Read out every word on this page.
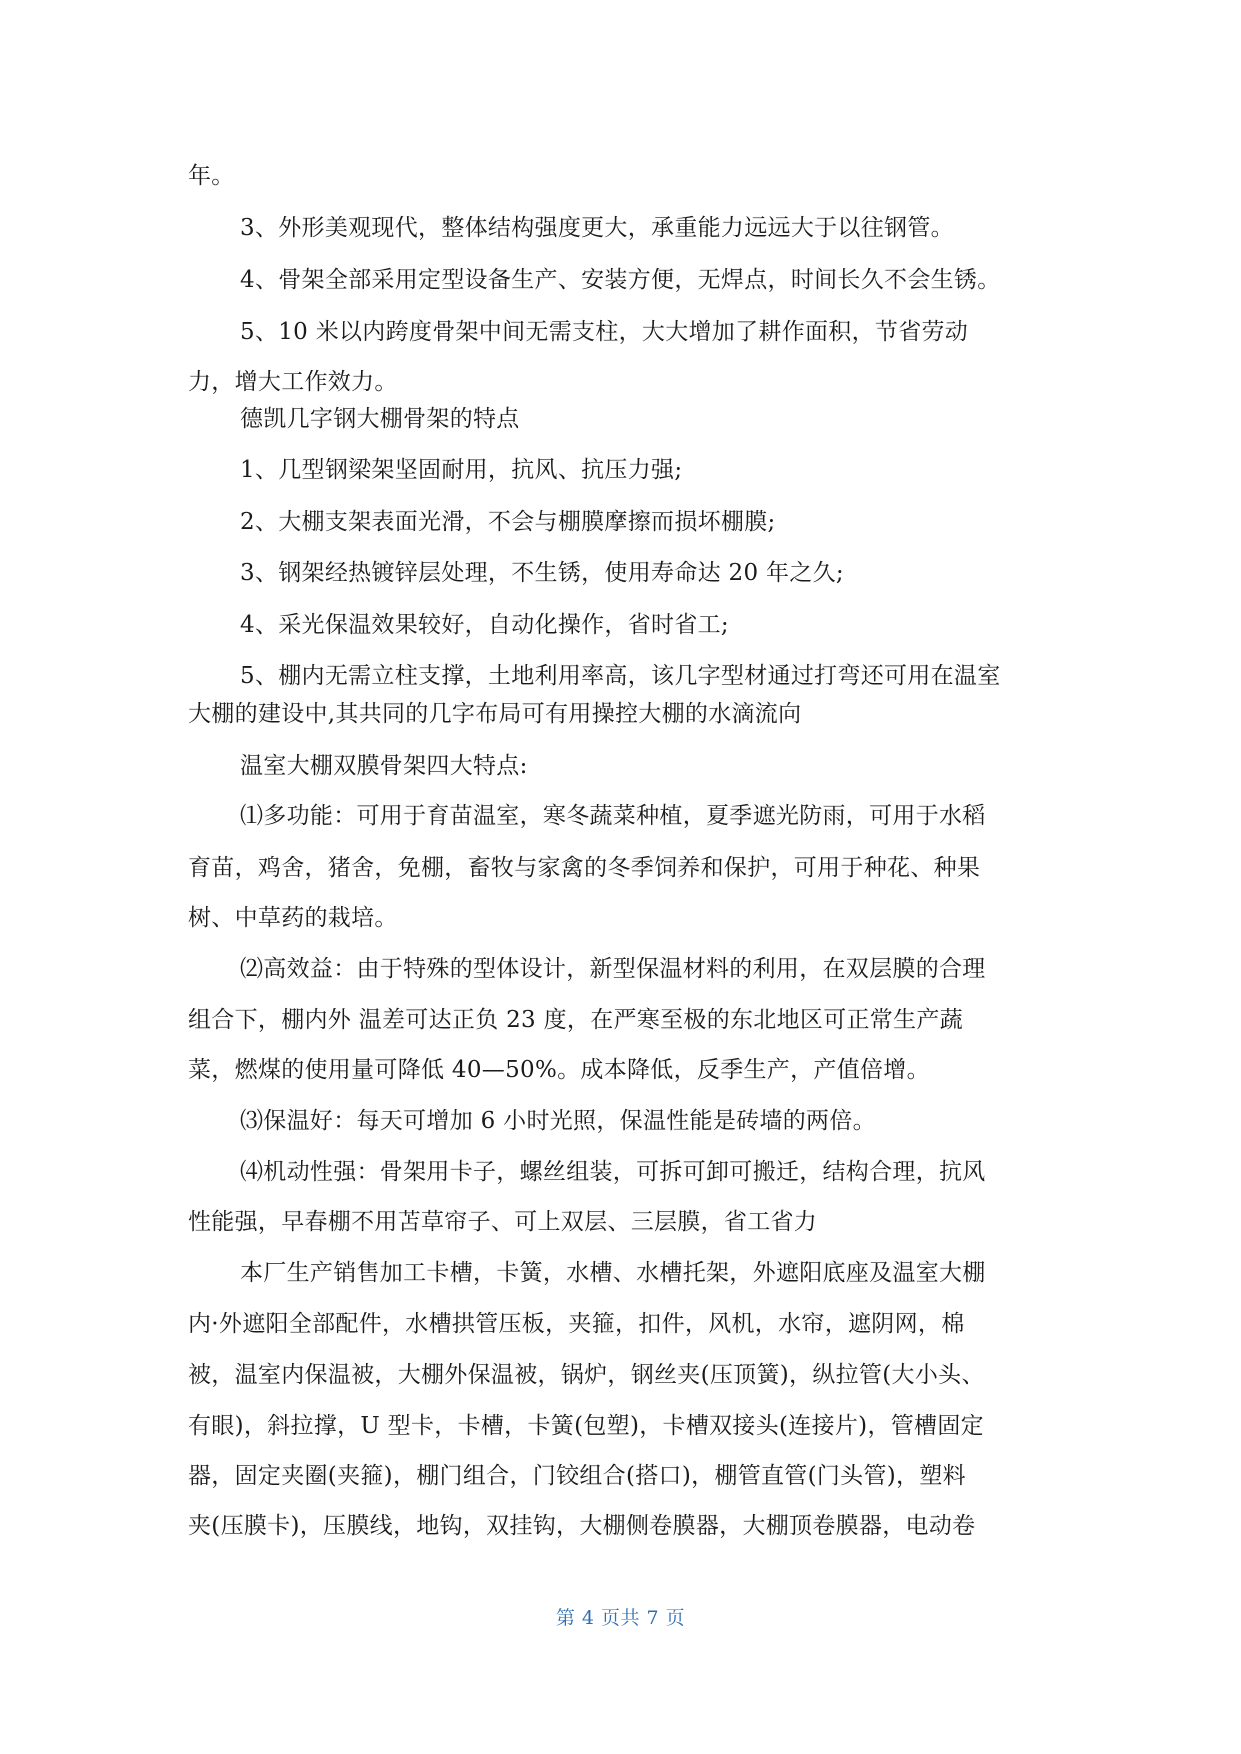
年。
3、外形美观现代，整体结构强度更大，承重能力远远大于以往钢管。
4、骨架全部采用定型设备生产、安装方便，无焊点，时间长久不会生锈。
5、10 米以内跨度骨架中间无需支柱，大大增加了耕作面积，节省劳动
力，增大工作效力。
德凯几字钢大棚骨架的特点
1、几型钢梁架坚固耐用，抗风、抗压力强;
2、大棚支架表面光滑，不会与棚膜摩擦而损坏棚膜;
3、钢架经热镀锌层处理，不生锈，使用寿命达 20 年之久;
4、采光保温效果较好，自动化操作，省时省工;
5、棚内无需立柱支撑，土地利用率高，该几字型材通过打弯还可用在温室
大棚的建设中,其共同的几字布局可有用操控大棚的水滴流向
温室大棚双膜骨架四大特点:
⑴多功能：可用于育苗温室，寒冬蔬菜种植，夏季遮光防雨，可用于水稻
育苗，鸡舍，猪舍，免棚，畜牧与家禽的冬季饲养和保护，可用于种花、种果
树、中草药的栽培。
⑵高效益：由于特殊的型体设计，新型保温材料的利用，在双层膜的合理
组合下，棚内外 温差可达正负 23 度，在严寒至极的东北地区可正常生产蔬
菜，燃煤的使用量可降低 40—50%。成本降低，反季生产，产值倍增。
⑶保温好：每天可增加 6 小时光照，保温性能是砖墙的两倍。
⑷机动性强：骨架用卡子，螺丝组装，可拆可卸可搬迁，结构合理，抗风
性能强，早春棚不用苫草帘子、可上双层、三层膜，省工省力
本厂生产销售加工卡槽，卡簧，水槽、水槽托架，外遮阳底座及温室大棚
内·外遮阳全部配件，水槽拱管压板，夹箍，扣件，风机，水帘，遮阴网，棉
被，温室内保温被，大棚外保温被，锅炉，钢丝夹(压顶簧)，纵拉管(大小头、
有眼)，斜拉撑，U 型卡，卡槽，卡簧(包塑)，卡槽双接头(连接片)，管槽固定
器，固定夹圈(夹箍)，棚门组合，门铰组合(搭口)，棚管直管(门头管)，塑料
夹(压膜卡)，压膜线，地钩，双挂钩，大棚侧卷膜器，大棚顶卷膜器，电动卷
第 4 页共 7 页
